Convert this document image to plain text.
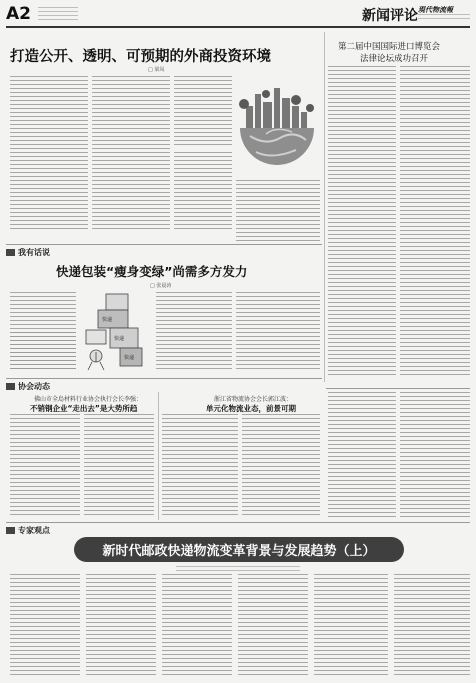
A2	新闻评论 現代物流報
打造公开、透明、可预期的外商投资环境
□ 梁凤
第二届中国国际进口博览会
法律论坛成功召开
我有话说
快递包装“瘦身变绿”尚需多方发力
□ 张晨涛
快递
快递
快递
协会动态
佛山市全島材料行业协会执行会长李强：
不销钢企业“走出去”是大势所趋
浙江省物流协会会长郭江波：
单元化物流业态，前景可期
专家观点
新时代邮政快递物流变革背景与发展趋势（上）
